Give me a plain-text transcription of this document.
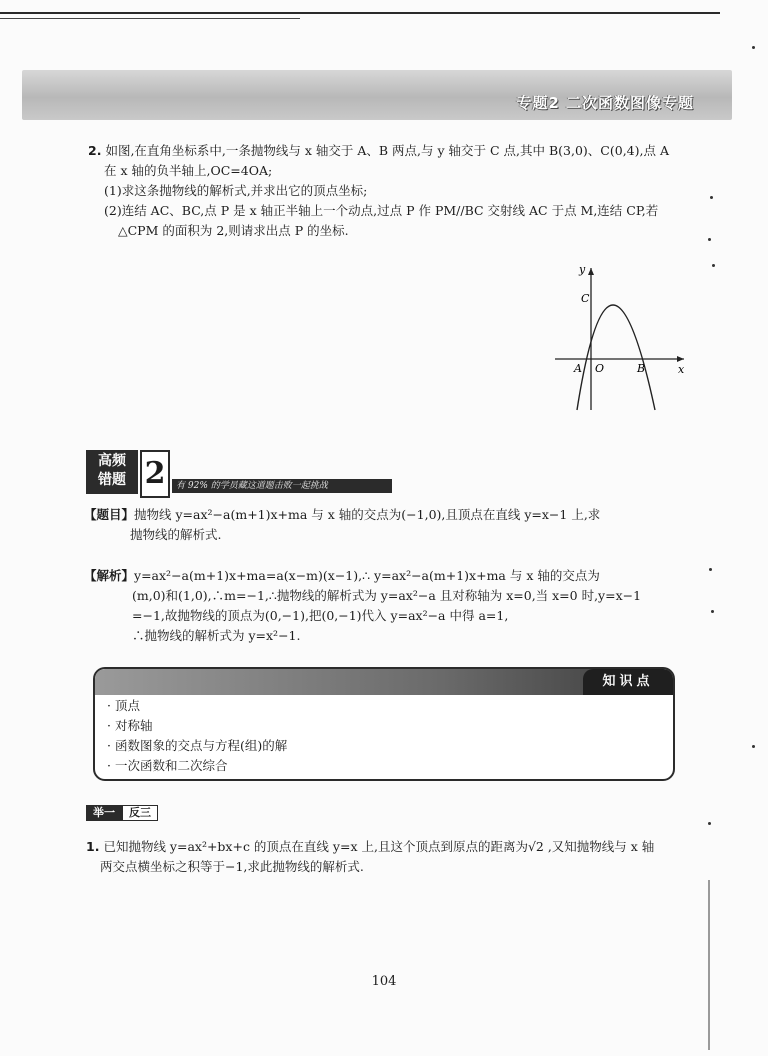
专题2 二次函数图像专题
2. 如图,在直角坐标系中,一条抛物线与 x 轴交于 A、B 两点,与 y 轴交于 C 点,其中 B(3,0)、C(0,4),点 A
在 x 轴的负半轴上,OC=4OA;
(1)求这条抛物线的解析式,并求出它的顶点坐标;
(2)连结 AC、BC,点 P 是 x 轴正半轴上一个动点,过点 P 作 PM//BC 交射线 AC 于点 M,连结 CP,若
△CPM 的面积为 2,则请求出点 P 的坐标.
y
x
C
A O	B
高频
错题 2	有 92% 的学员藏这道题击败一起挑战
【题目】抛物线 y=ax²−a(m+1)x+ma 与 x 轴的交点为(−1,0),且顶点在直线 y=x−1 上,求
抛物线的解析式.
【解析】y=ax²−a(m+1)x+ma=a(x−m)(x−1),∴ y=ax²−a(m+1)x+ma 与 x 轴的交点为
(m,0)和(1,0),∴m=−1,∴抛物线的解析式为 y=ax²−a 且对称轴为 x=0,当 x=0 时,y=x−1
=−1,故抛物线的顶点为(0,−1),把(0,−1)代入 y=ax²−a 中得 a=1,
∴抛物线的解析式为 y=x²−1.
知识点
· 顶点
· 对称轴
· 函数图象的交点与方程(组)的解
· 一次函数和二次综合
举一	反三
1. 已知抛物线 y=ax²+bx+c 的顶点在直线 y=x 上,且这个顶点到原点的距离为√2 ,又知抛物线与 x 轴
两交点横坐标之积等于−1,求此抛物线的解析式.
104
